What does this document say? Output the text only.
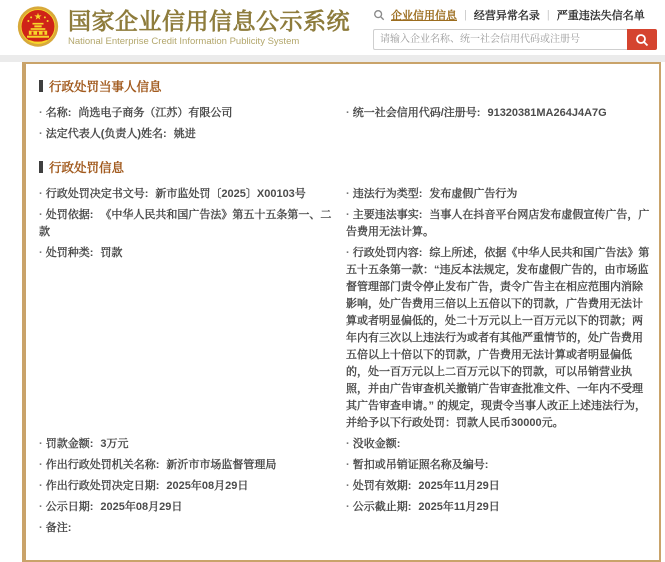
国家企业信用信息公示系统
National Enterprise Credit Information Publicity System
企业信用信息 | 经营异常名录 | 严重违法失信名单
请输入企业名称、统一社会信用代码或注册号
行政处罚当事人信息
· 名称: 尚选电子商务（江苏）有限公司	· 统一社会信用代码/注册号: 91320381MA264J4A7G
· 法定代表人(负责人)姓名: 姚进
行政处罚信息
· 行政处罚决定书文号: 新市监处罚〔2025〕X00103号	· 违法行为类型: 发布虚假广告行为
· 处罚依据: 《中华人民共和国广告法》第五十五条第一、二款
· 主要违法事实: 当事人在抖音平台网店发布虚假宣传广告，广告费用无法计算。
· 处罚种类: 罚款	· 行政处罚内容: 综上所述，依据《中华人民共和国广告法》第五十五条第一款：“违反本法规定，发布虚假广告的，由市场监督管理部门责令停止发布广告，责令广告主在相应范围内消除影响，处广告费用三倍以上五倍以下的罚款，广告费用无法计算或者明显偏低的，处二十万元以上一百万元以下的罚款；两年内有三次以上违法行为或者有其他严重情节的，处广告费用五倍以上十倍以下的罚款，广告费用无法计算或者明显偏低的，处一百万元以上二百万元以下的罚款，可以吊销营业执照，并由广告审查机关撤销广告审查批准文件、一年内不受理其广告审查申请。” 的规定，现责令当事人改正上述违法行为，并给予以下行政处罚：罚款人民币30000元。
· 罚款金额: 3万元	· 没收金额:
· 作出行政处罚机关名称: 新沂市市场监督管理局	· 暂扣或吊销证照名称及编号:
· 作出行政处罚决定日期: 2025年08月29日	· 处罚有效期: 2025年11月29日
· 公示日期: 2025年08月29日	· 公示截止期: 2025年11月29日
· 备注:
